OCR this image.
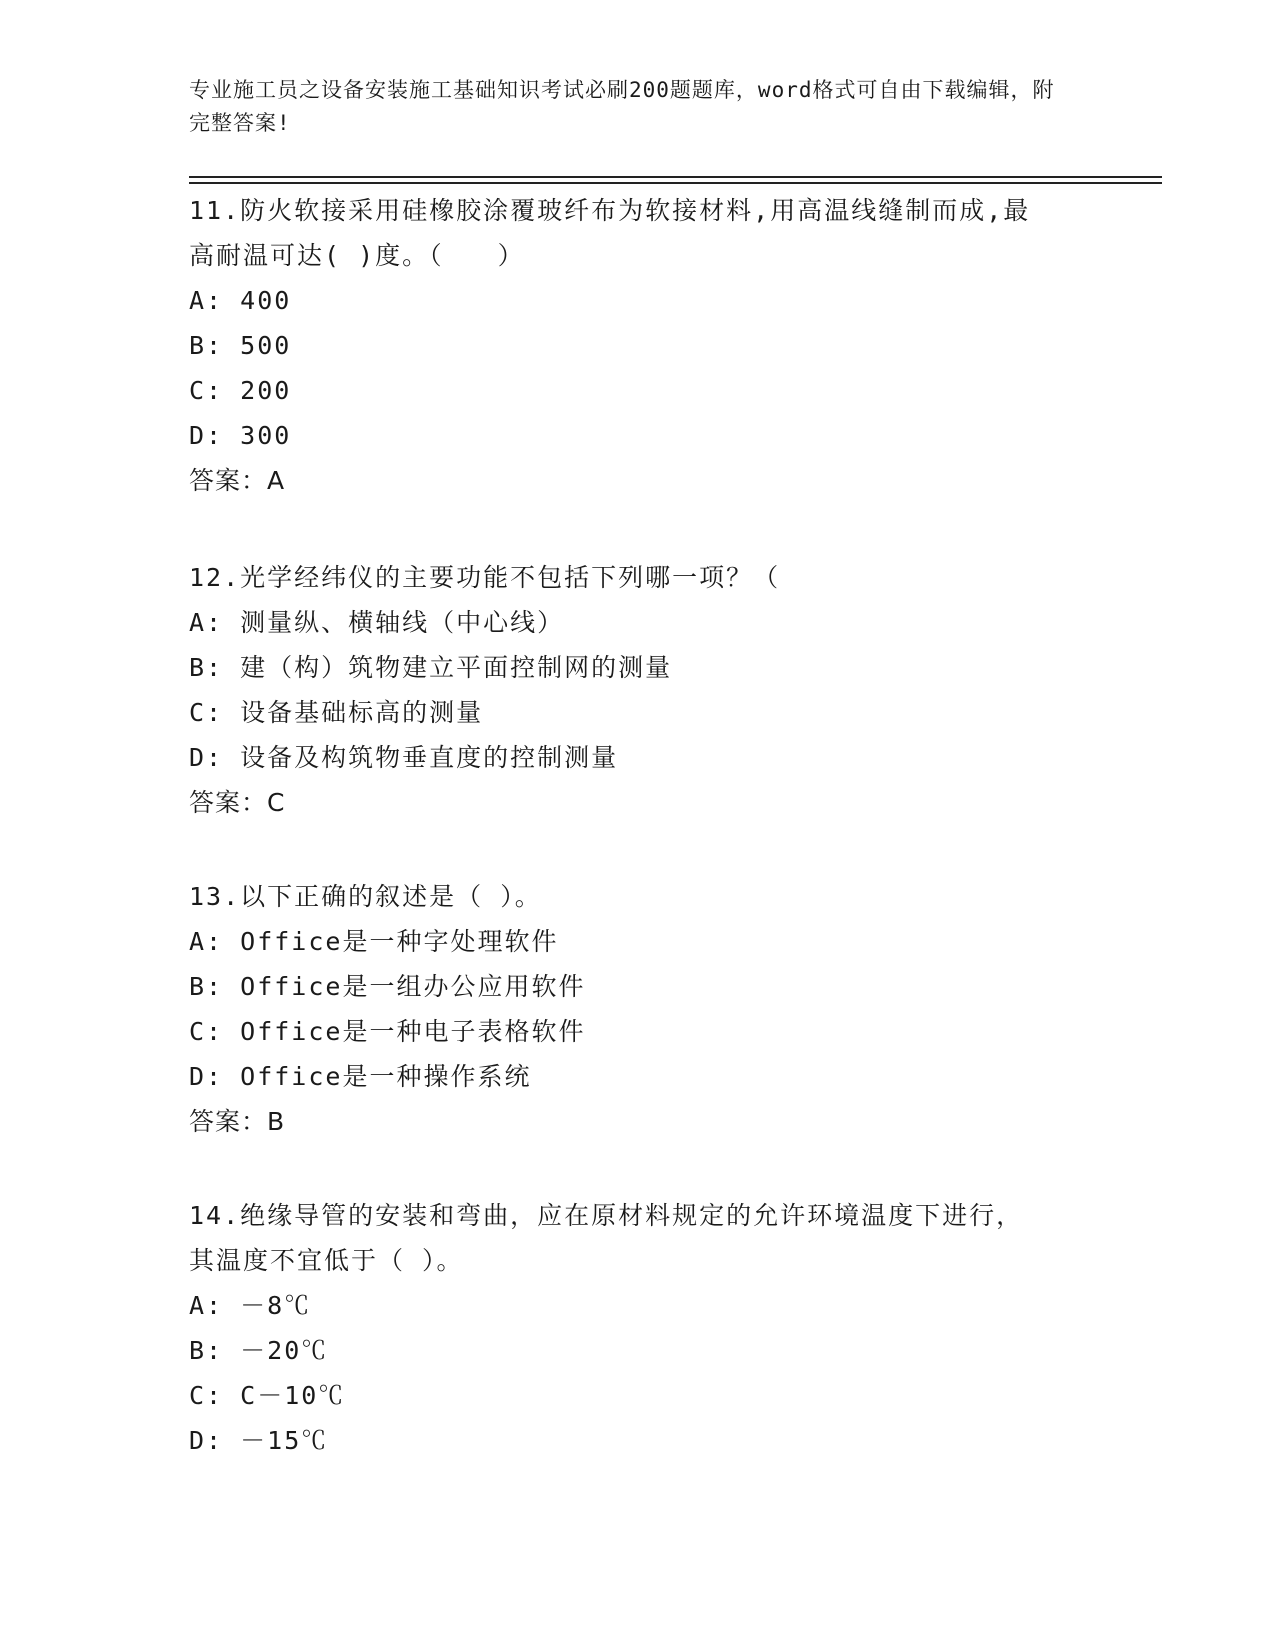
专业施工员之设备安装施工基础知识考试必刷200题题库，word格式可自由下载编辑，附完整答案!

11.防火软接采用硅橡胶涂覆玻纤布为软接材料,用高温线缝制而成,最

高耐温可达( )度。（　　）

A: 400

B: 500

C: 200

D: 300

答案：A

12.光学经纬仪的主要功能不包括下列哪一项？（

A: 测量纵、横轴线（中心线）

B: 建（构）筑物建立平面控制网的测量

C: 设备基础标高的测量

D: 设备及构筑物垂直度的控制测量

答案：C

13.以下正确的叙述是（ ）。

A: Office是一种字处理软件

B: Office是一组办公应用软件

C: Office是一种电子表格软件

D: Office是一种操作系统

答案：B

14.绝缘导管的安装和弯曲，应在原材料规定的允许环境温度下进行，

其温度不宜低于（ ）。

A: －8℃

B: －20℃

C: C－10℃

D: －15℃
